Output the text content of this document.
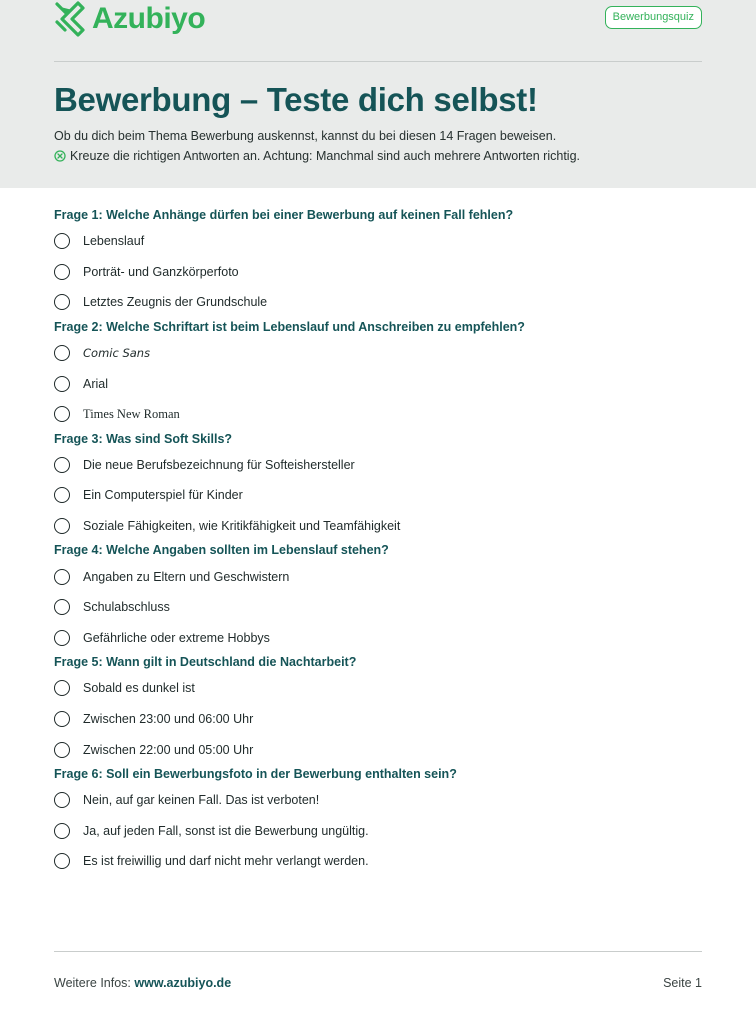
Azubiyo	Bewerbungsquiz
Bewerbung – Teste dich selbst!

Ob du dich beim Thema Bewerbung auskennst, kannst du bei diesen 14 Fragen beweisen.

Kreuze die richtigen Antworten an. Achtung: Manchmal sind auch mehrere Antworten richtig.

Frage 1: Welche Anhänge dürfen bei einer Bewerbung auf keinen Fall fehlen?
Lebenslauf
Porträt- und Ganzkörperfoto
Letztes Zeugnis der Grundschule
Frage 2: Welche Schriftart ist beim Lebenslauf und Anschreiben zu empfehlen?
Comic Sans
Arial
Times New Roman
Frage 3: Was sind Soft Skills?
Die neue Berufsbezeichnung für Softeishersteller
Ein Computerspiel für Kinder
Soziale Fähigkeiten, wie Kritikfähigkeit und Teamfähigkeit
Frage 4: Welche Angaben sollten im Lebenslauf stehen?
Angaben zu Eltern und Geschwistern
Schulabschluss
Gefährliche oder extreme Hobbys
Frage 5: Wann gilt in Deutschland die Nachtarbeit?
Sobald es dunkel ist
Zwischen 23:00 und 06:00 Uhr
Zwischen 22:00 und 05:00 Uhr
Frage 6: Soll ein Bewerbungsfoto in der Bewerbung enthalten sein?
Nein, auf gar keinen Fall. Das ist verboten!
Ja, auf jeden Fall, sonst ist die Bewerbung ungültig.
Es ist freiwillig und darf nicht mehr verlangt werden.
Weitere Infos: www.azubiyo.de	Seite 1
